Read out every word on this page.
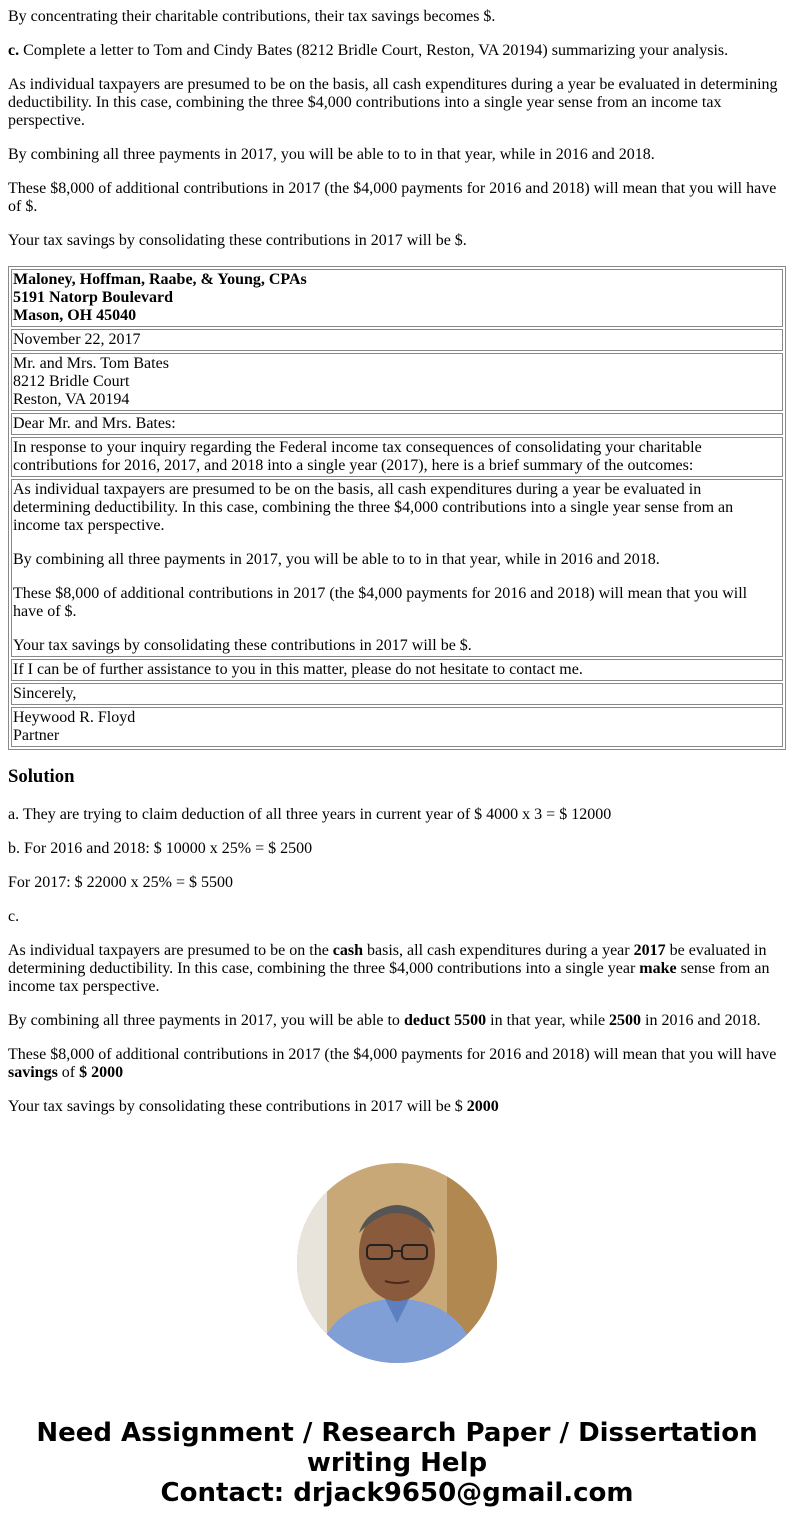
By concentrating their charitable contributions, their tax savings becomes $.

c. Complete a letter to Tom and Cindy Bates (8212 Bridle Court, Reston, VA 20194) summarizing your analysis.

As individual taxpayers are presumed to be on the basis, all cash expenditures during a year be evaluated in determining deductibility. In this case, combining the three $4,000 contributions into a single year sense from an income tax perspective.

By combining all three payments in 2017, you will be able to to in that year, while in 2016 and 2018.

These $8,000 of additional contributions in 2017 (the $4,000 payments for 2016 and 2018) will mean that you will have of $.

Your tax savings by consolidating these contributions in 2017 will be $.

Maloney, Hoffman, Raabe, & Young, CPAs
5191 Natorp Boulevard
Mason, OH 45040
November 22, 2017
Mr. and Mrs. Tom Bates
8212 Bridle Court
Reston, VA 20194
Dear Mr. and Mrs. Bates:
In response to your inquiry regarding the Federal income tax consequences of consolidating your charitable contributions for 2016, 2017, and 2018 into a single year (2017), here is a brief summary of the outcomes:

As individual taxpayers are presumed to be on the basis, all cash expenditures during a year be evaluated in determining deductibility. In this case, combining the three $4,000 contributions into a single year sense from an income tax perspective.

By combining all three payments in 2017, you will be able to to in that year, while in 2016 and 2018.

These $8,000 of additional contributions in 2017 (the $4,000 payments for 2016 and 2018) will mean that you will have of $.

Your tax savings by consolidating these contributions in 2017 will be $.

If I can be of further assistance to you in this matter, please do not hesitate to contact me.
Sincerely,
Heywood R. Floyd
Partner
Solution

a. They are trying to claim deduction of all three years in current year of $ 4000 x 3 = $ 12000

b. For 2016 and 2018: $ 10000 x 25% = $ 2500

For 2017: $ 22000 x 25% = $ 5500

c.

As individual taxpayers are presumed to be on the cash basis, all cash expenditures during a year 2017 be evaluated in determining deductibility. In this case, combining the three $4,000 contributions into a single year make sense from an income tax perspective.

By combining all three payments in 2017, you will be able to deduct 5500 in that year, while 2500 in 2016 and 2018.

These $8,000 of additional contributions in 2017 (the $4,000 payments for 2016 and 2018) will mean that you will have savings of $ 2000

Your tax savings by consolidating these contributions in 2017 will be $ 2000

Need Assignment / Research Paper / Dissertation writing Help
Contact: drjack9650@gmail.com
